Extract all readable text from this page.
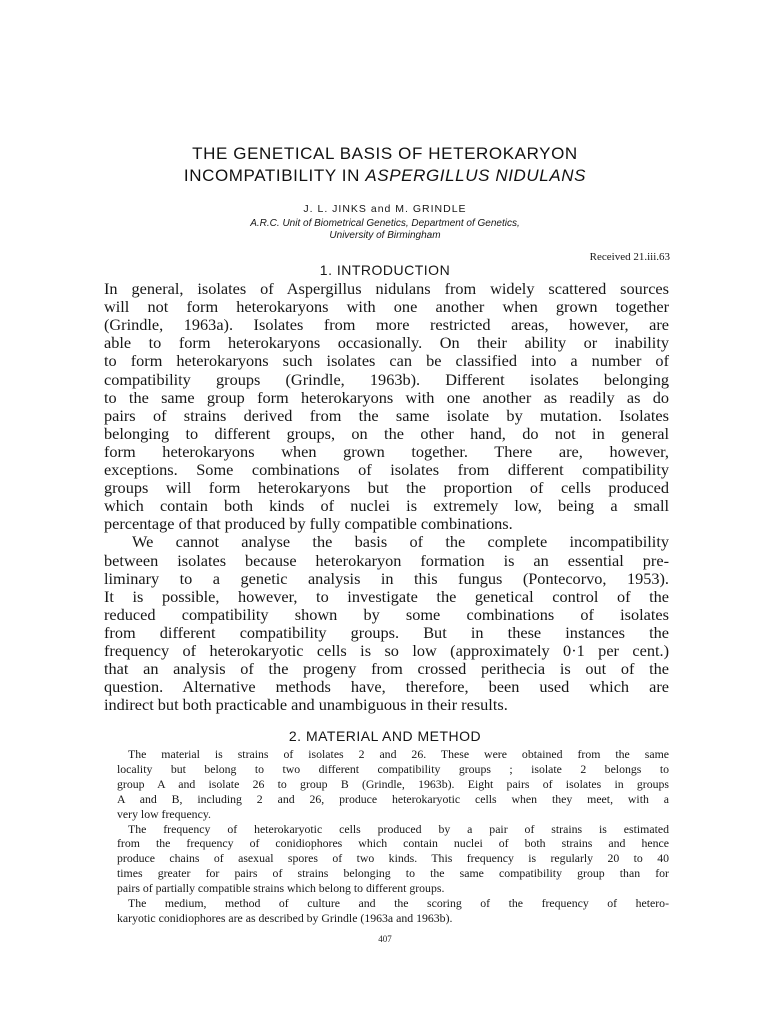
THE GENETICAL BASIS OF HETEROKARYON
INCOMPATIBILITY IN ASPERGILLUS NIDULANS
J. L. JINKS and M. GRINDLE
A.R.C. Unit of Biometrical Genetics, Department of Genetics,
University of Birmingham
Received 21.iii.63
1. INTRODUCTION
In general, isolates of Aspergillus nidulans from widely scattered sources
will not form heterokaryons with one another when grown together
(Grindle, 1963a). Isolates from more restricted areas, however, are
able to form heterokaryons occasionally. On their ability or inability
to form heterokaryons such isolates can be classified into a number of
compatibility groups (Grindle, 1963b). Different isolates belonging
to the same group form heterokaryons with one another as readily as do
pairs of strains derived from the same isolate by mutation. Isolates
belonging to different groups, on the other hand, do not in general
form heterokaryons when grown together. There are, however,
exceptions. Some combinations of isolates from different compatibility
groups will form heterokaryons but the proportion of cells produced
which contain both kinds of nuclei is extremely low, being a small
percentage of that produced by fully compatible combinations.
We cannot analyse the basis of the complete incompatibility
between isolates because heterokaryon formation is an essential pre-
liminary to a genetic analysis in this fungus (Pontecorvo, 1953).
It is possible, however, to investigate the genetical control of the
reduced compatibility shown by some combinations of isolates
from different compatibility groups. But in these instances the
frequency of heterokaryotic cells is so low (approximately 0·1 per cent.)
that an analysis of the progeny from crossed perithecia is out of the
question. Alternative methods have, therefore, been used which are
indirect but both practicable and unambiguous in their results.
2. MATERIAL AND METHOD
The material is strains of isolates 2 and 26. These were obtained from the same
locality but belong to two different compatibility groups ; isolate 2 belongs to
group A and isolate 26 to group B (Grindle, 1963b). Eight pairs of isolates in groups
A and B, including 2 and 26, produce heterokaryotic cells when they meet, with a
very low frequency.
The frequency of heterokaryotic cells produced by a pair of strains is estimated
from the frequency of conidiophores which contain nuclei of both strains and hence
produce chains of asexual spores of two kinds. This frequency is regularly 20 to 40
times greater for pairs of strains belonging to the same compatibility group than for
pairs of partially compatible strains which belong to different groups.
The medium, method of culture and the scoring of the frequency of hetero-
karyotic conidiophores are as described by Grindle (1963a and 1963b).
407
